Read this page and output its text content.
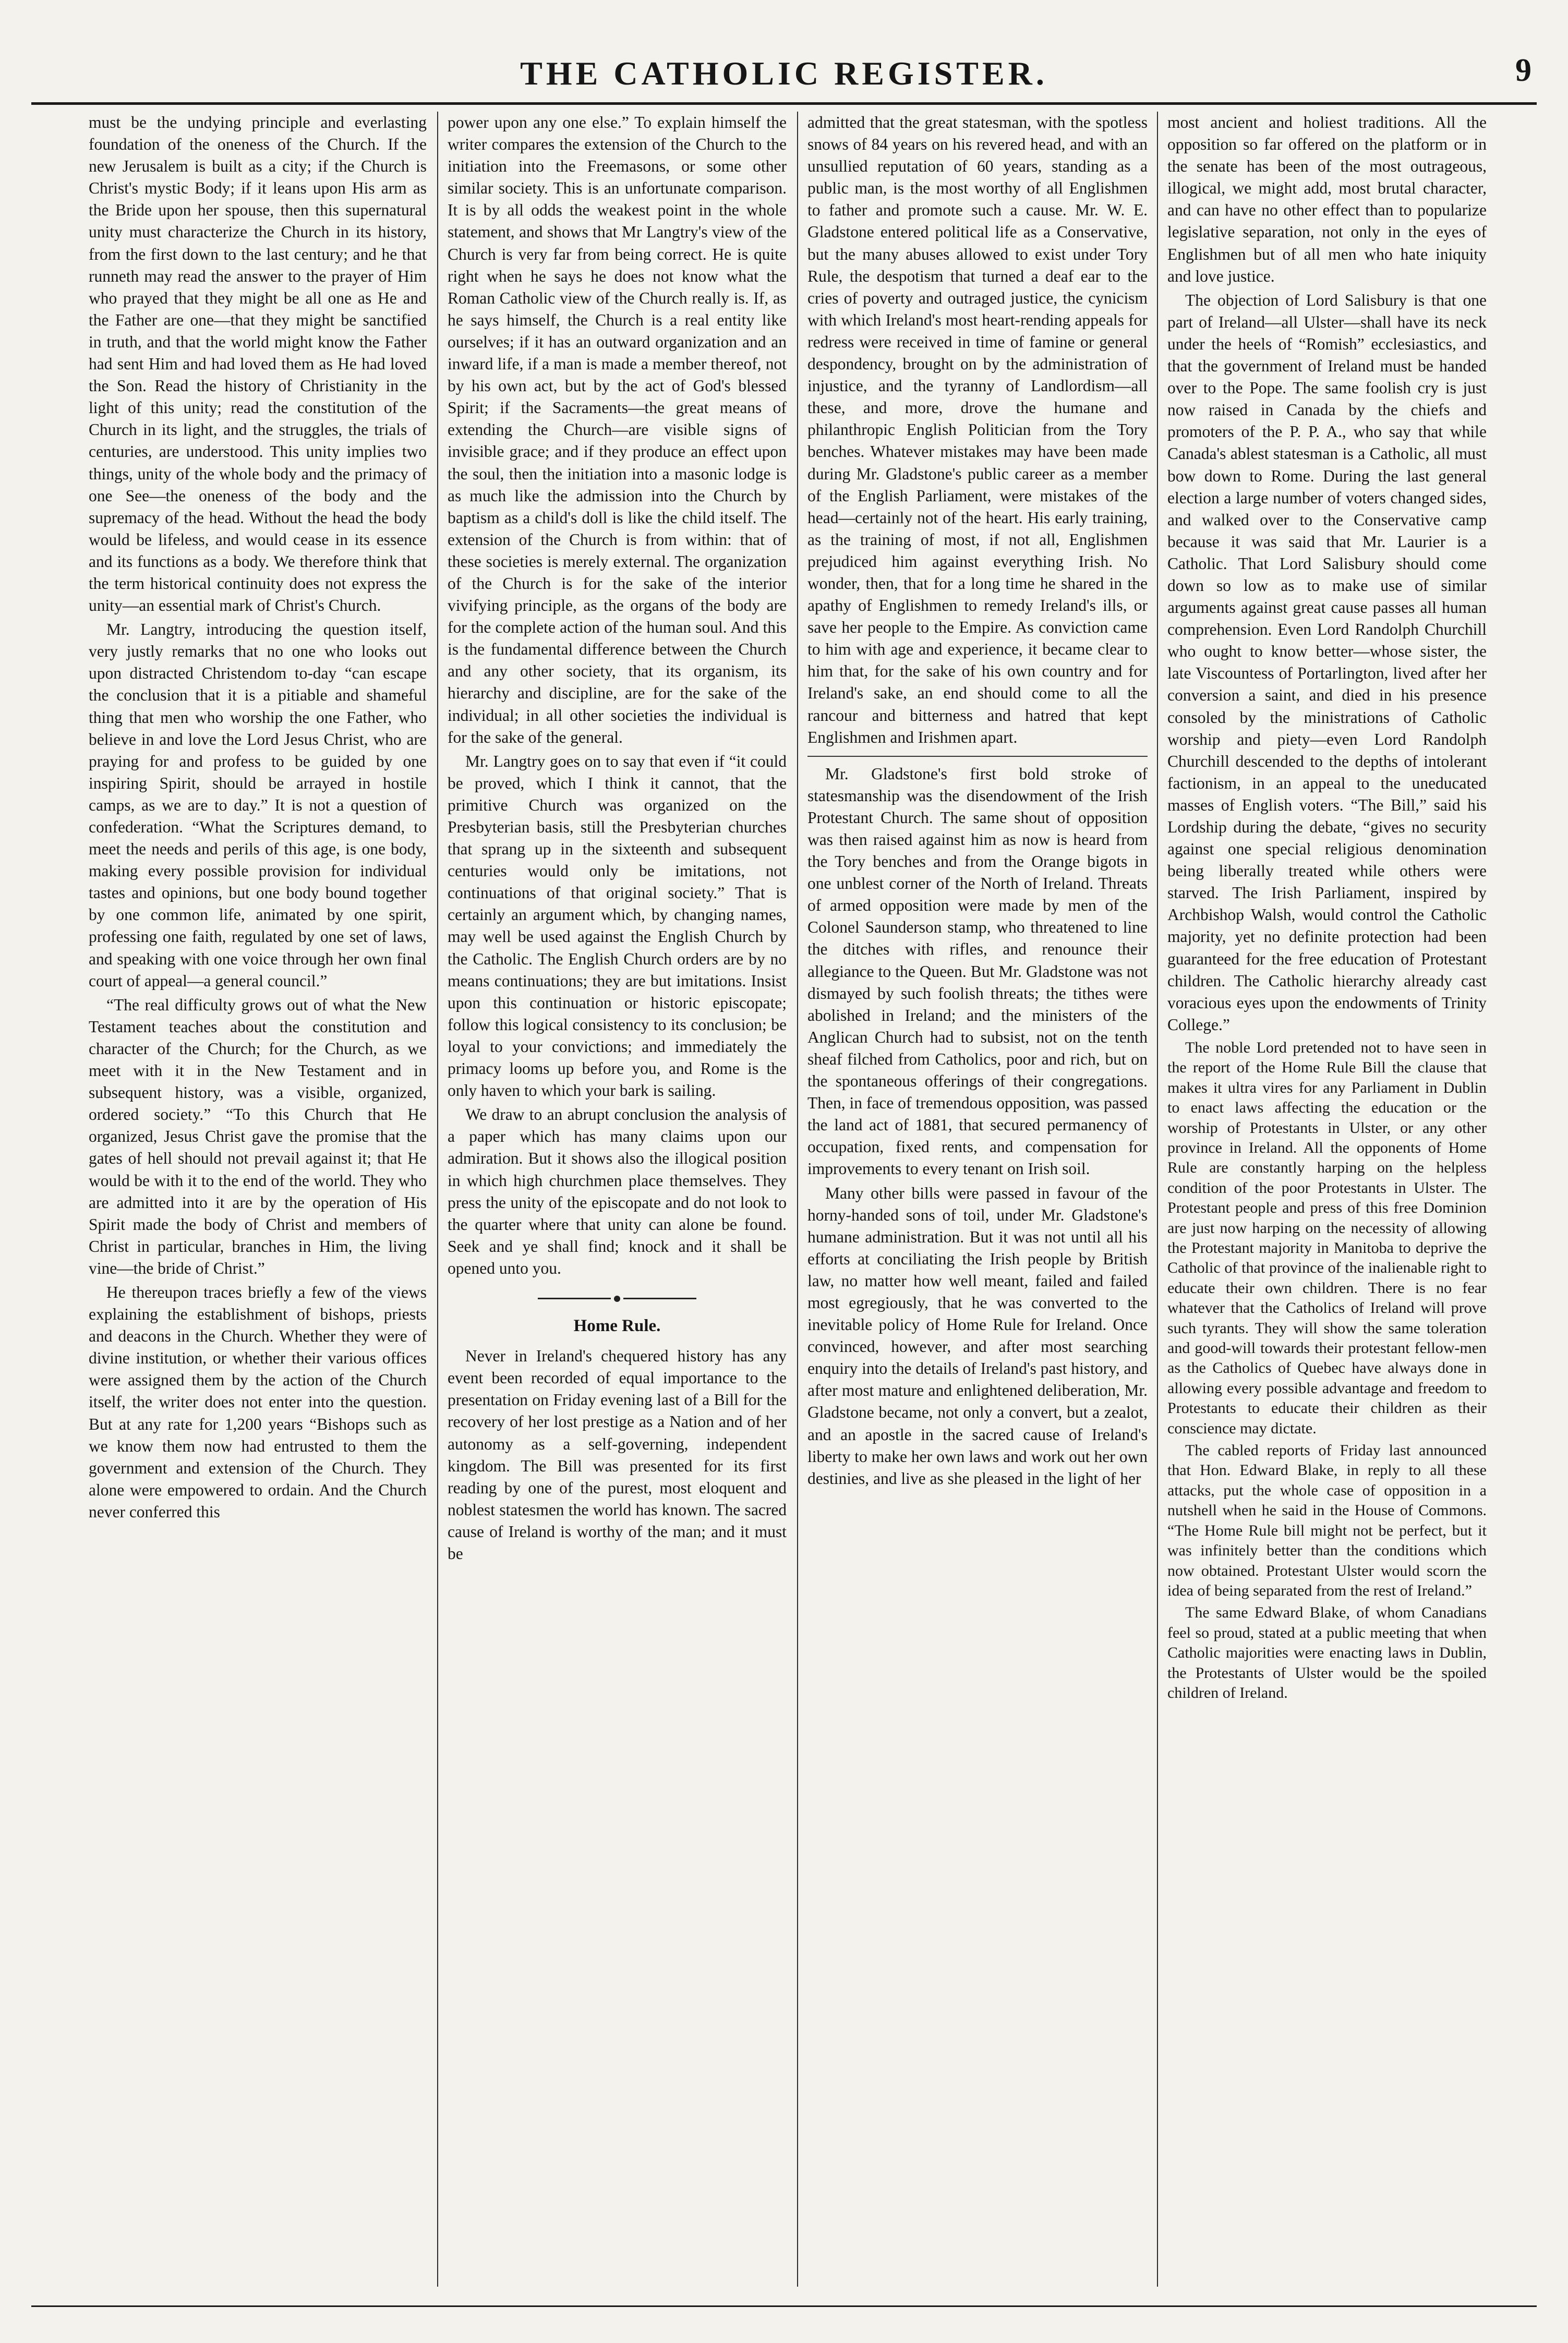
THE CATHOLIC REGISTER.	9

must be the undying principle and everlasting foundation of the oneness of the Church. If the new Jerusalem is built as a city; if the Church is Christ's mystic Body; if it leans upon His arm as the Bride upon her spouse, then this supernatural unity must characterize the Church in its history, from the first down to the last century; and he that runneth may read the answer to the prayer of Him who prayed that they might be all one as He and the Father are one—that they might be sanctified in truth, and that the world might know the Father had sent Him and had loved them as He had loved the Son. Read the history of Christianity in the light of this unity; read the constitution of the Church in its light, and the struggles, the trials of centuries, are understood. This unity implies two things, unity of the whole body and the primacy of one See—the oneness of the body and the supremacy of the head. Without the head the body would be lifeless, and would cease in its essence and its functions as a body. We therefore think that the term historical continuity does not express the unity—an essential mark of Christ's Church.

Mr. Langtry, introducing the question itself, very justly remarks that no one who looks out upon distracted Christendom to-day “can escape the conclusion that it is a pitiable and shameful thing that men who worship the one Father, who believe in and love the Lord Jesus Christ, who are praying for and profess to be guided by one inspiring Spirit, should be arrayed in hostile camps, as we are to day.” It is not a question of confederation. “What the Scriptures demand, to meet the needs and perils of this age, is one body, making every possible provision for individual tastes and opinions, but one body bound together by one common life, animated by one spirit, professing one faith, regulated by one set of laws, and speaking with one voice through her own final court of appeal—a general council.”

“The real difficulty grows out of what the New Testament teaches about the constitution and character of the Church; for the Church, as we meet with it in the New Testament and in subsequent history, was a visible, organized, ordered society.” “To this Church that He organized, Jesus Christ gave the promise that the gates of hell should not prevail against it; that He would be with it to the end of the world. They who are admitted into it are by the operation of His Spirit made the body of Christ and members of Christ in particular, branches in Him, the living vine—the bride of Christ.”

He thereupon traces briefly a few of the views explaining the establishment of bishops, priests and deacons in the Church. Whether they were of divine institution, or whether their various offices were assigned them by the action of the Church itself, the writer does not enter into the question. But at any rate for 1,200 years “Bishops such as we know them now had entrusted to them the government and extension of the Church. They alone were empowered to ordain. And the Church never conferred this

power upon any one else.” To explain himself the writer compares the extension of the Church to the initiation into the Freemasons, or some other similar society. This is an unfortunate comparison. It is by all odds the weakest point in the whole statement, and shows that Mr Langtry's view of the Church is very far from being correct. He is quite right when he says he does not know what the Roman Catholic view of the Church really is. If, as he says himself, the Church is a real entity like ourselves; if it has an outward organization and an inward life, if a man is made a member thereof, not by his own act, but by the act of God's blessed Spirit; if the Sacraments—the great means of extending the Church—are visible signs of invisible grace; and if they produce an effect upon the soul, then the initiation into a masonic lodge is as much like the admission into the Church by baptism as a child's doll is like the child itself. The extension of the Church is from within: that of these societies is merely external. The organization of the Church is for the sake of the interior vivifying principle, as the organs of the body are for the complete action of the human soul. And this is the fundamental difference between the Church and any other society, that its organism, its hierarchy and discipline, are for the sake of the individual; in all other societies the individual is for the sake of the general.

Mr. Langtry goes on to say that even if “it could be proved, which I think it cannot, that the primitive Church was organized on the Presbyterian basis, still the Presbyterian churches that sprang up in the sixteenth and subsequent centuries would only be imitations, not continuations of that original society.” That is certainly an argument which, by changing names, may well be used against the English Church by the Catholic. The English Church orders are by no means continuations; they are but imitations. Insist upon this continuation or historic episcopate; follow this logical consistency to its conclusion; be loyal to your convictions; and immediately the primacy looms up before you, and Rome is the only haven to which your bark is sailing.

We draw to an abrupt conclusion the analysis of a paper which has many claims upon our admiration. But it shows also the illogical position in which high churchmen place themselves. They press the unity of the episcopate and do not look to the quarter where that unity can alone be found. Seek and ye shall find; knock and it shall be opened unto you.

Home Rule.

Never in Ireland's chequered history has any event been recorded of equal importance to the presentation on Friday evening last of a Bill for the recovery of her lost prestige as a Nation and of her autonomy as a self-governing, independent kingdom. The Bill was presented for its first reading by one of the purest, most eloquent and noblest statesmen the world has known. The sacred cause of Ireland is worthy of the man; and it must be

admitted that the great statesman, with the spotless snows of 84 years on his revered head, and with an unsullied reputation of 60 years, standing as a public man, is the most worthy of all Englishmen to father and promote such a cause. Mr. W. E. Gladstone entered political life as a Conservative, but the many abuses allowed to exist under Tory Rule, the despotism that turned a deaf ear to the cries of poverty and outraged justice, the cynicism with which Ireland's most heart-rending appeals for redress were received in time of famine or general despondency, brought on by the administration of injustice, and the tyranny of Landlordism—all these, and more, drove the humane and philanthropic English Politician from the Tory benches. Whatever mistakes may have been made during Mr. Gladstone's public career as a member of the English Parliament, were mistakes of the head—certainly not of the heart. His early training, as the training of most, if not all, Englishmen prejudiced him against everything Irish. No wonder, then, that for a long time he shared in the apathy of Englishmen to remedy Ireland's ills, or save her people to the Empire. As conviction came to him with age and experience, it became clear to him that, for the sake of his own country and for Ireland's sake, an end should come to all the rancour and bitterness and hatred that kept Englishmen and Irishmen apart.

Mr. Gladstone's first bold stroke of statesmanship was the disendowment of the Irish Protestant Church. The same shout of opposition was then raised against him as now is heard from the Tory benches and from the Orange bigots in one unblest corner of the North of Ireland. Threats of armed opposition were made by men of the Colonel Saunderson stamp, who threatened to line the ditches with rifles, and renounce their allegiance to the Queen. But Mr. Gladstone was not dismayed by such foolish threats; the tithes were abolished in Ireland; and the ministers of the Anglican Church had to subsist, not on the tenth sheaf filched from Catholics, poor and rich, but on the spontaneous offerings of their congregations. Then, in face of tremendous opposition, was passed the land act of 1881, that secured permanency of occupation, fixed rents, and compensation for improvements to every tenant on Irish soil.

Many other bills were passed in favour of the horny-handed sons of toil, under Mr. Gladstone's humane administration. But it was not until all his efforts at conciliating the Irish people by British law, no matter how well meant, failed and failed most egregiously, that he was converted to the inevitable policy of Home Rule for Ireland. Once convinced, however, and after most searching enquiry into the details of Ireland's past history, and after most mature and enlightened deliberation, Mr. Gladstone became, not only a convert, but a zealot, and an apostle in the sacred cause of Ireland's liberty to make her own laws and work out her own destinies, and live as she pleased in the light of her

most ancient and holiest traditions. All the opposition so far offered on the platform or in the senate has been of the most outrageous, illogical, we might add, most brutal character, and can have no other effect than to popularize legislative separation, not only in the eyes of Englishmen but of all men who hate iniquity and love justice.

The objection of Lord Salisbury is that one part of Ireland—all Ulster—shall have its neck under the heels of “Romish” ecclesiastics, and that the government of Ireland must be handed over to the Pope. The same foolish cry is just now raised in Canada by the chiefs and promoters of the P. P. A., who say that while Canada's ablest statesman is a Catholic, all must bow down to Rome. During the last general election a large number of voters changed sides, and walked over to the Conservative camp because it was said that Mr. Laurier is a Catholic. That Lord Salisbury should come down so low as to make use of similar arguments against great cause passes all human comprehension. Even Lord Randolph Churchill who ought to know better—whose sister, the late Viscountess of Portarlington, lived after her conversion a saint, and died in his presence consoled by the ministrations of Catholic worship and piety—even Lord Randolph Churchill descended to the depths of intolerant factionism, in an appeal to the uneducated masses of English voters. “The Bill,” said his Lordship during the debate, “gives no security against one special religious denomination being liberally treated while others were starved. The Irish Parliament, inspired by Archbishop Walsh, would control the Catholic majority, yet no definite protection had been guaranteed for the free education of Protestant children. The Catholic hierarchy already cast voracious eyes upon the endowments of Trinity College.”

The noble Lord pretended not to have seen in the report of the Home Rule Bill the clause that makes it ultra vires for any Parliament in Dublin to enact laws affecting the education or the worship of Protestants in Ulster, or any other province in Ireland. All the opponents of Home Rule are constantly harping on the helpless condition of the poor Protestants in Ulster. The Protestant people and press of this free Dominion are just now harping on the necessity of allowing the Protestant majority in Manitoba to deprive the Catholic of that province of the inalienable right to educate their own children. There is no fear whatever that the Catholics of Ireland will prove such tyrants. They will show the same toleration and good-will towards their protestant fellow-men as the Catholics of Quebec have always done in allowing every possible advantage and freedom to Protestants to educate their children as their conscience may dictate.

The cabled reports of Friday last announced that Hon. Edward Blake, in reply to all these attacks, put the whole case of opposition in a nutshell when he said in the House of Commons. “The Home Rule bill might not be perfect, but it was infinitely better than the conditions which now obtained. Protestant Ulster would scorn the idea of being separated from the rest of Ireland.”

The same Edward Blake, of whom Canadians feel so proud, stated at a public meeting that when Catholic majorities were enacting laws in Dublin, the Protestants of Ulster would be the spoiled children of Ireland.
